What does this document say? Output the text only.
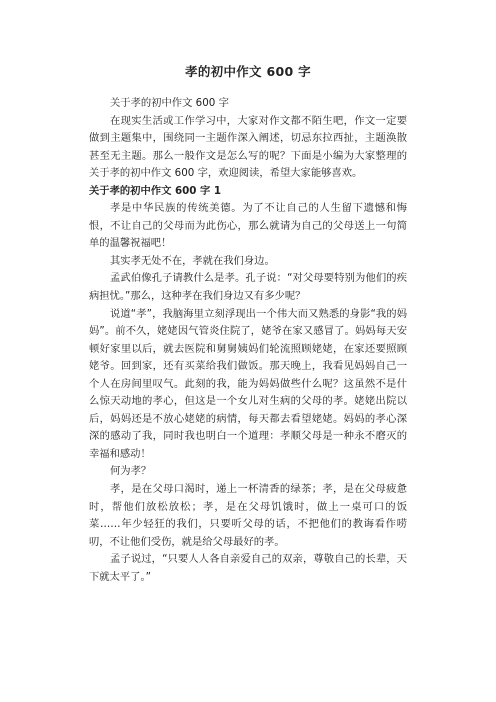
孝的初中作文 600 字

关于孝的初中作文 600 字

在现实生活或工作学习中，大家对作文都不陌生吧，作文一定要做到主题集中，围绕同一主题作深入阐述，切忌东拉西扯，主题涣散甚至无主题。那么一般作文是怎么写的呢？下面是小编为大家整理的关于孝的初中作文 600 字，欢迎阅读，希望大家能够喜欢。

关于孝的初中作文 600 字 1

孝是中华民族的传统美德。为了不让自己的人生留下遗憾和悔恨，不让自己的父母而为此伤心，那么就请为自己的父母送上一句简单的温馨祝福吧！

其实孝无处不在，孝就在我们身边。

孟武伯像孔子请教什么是孝。孔子说：“对父母要特别为他们的疾病担忧。”那么，这种孝在我们身边又有多少呢？

说道“孝”，我脑海里立刻浮现出一个伟大而又熟悉的身影“我的妈妈”。前不久，姥姥因气管炎住院了，姥爷在家又感冒了。妈妈每天安顿好家里以后，就去医院和舅舅姨妈们轮流照顾姥姥，在家还要照顾姥爷。回到家，还有买菜给我们做饭。那天晚上，我看见妈妈自己一个人在房间里叹气。此刻的我，能为妈妈做些什么呢？这虽然不是什么惊天动地的孝心，但这是一个女儿对生病的父母的孝。姥姥出院以后，妈妈还是不放心姥姥的病情，每天都去看望姥姥。妈妈的孝心深深的感动了我，同时我也明白一个道理：孝顺父母是一种永不磨灭的幸福和感动！

何为孝？

孝，是在父母口渴时，递上一杯清香的绿茶；孝，是在父母疲惫时，帮他们放松放松；孝，是在父母饥饿时，做上一桌可口的饭菜……年少轻狂的我们，只要听父母的话，不把他们的教诲看作唠叨，不让他们受伤，就是给父母最好的孝。

孟子说过，“只要人人各自亲爱自己的双亲，尊敬自己的长辈，天下就太平了。”
